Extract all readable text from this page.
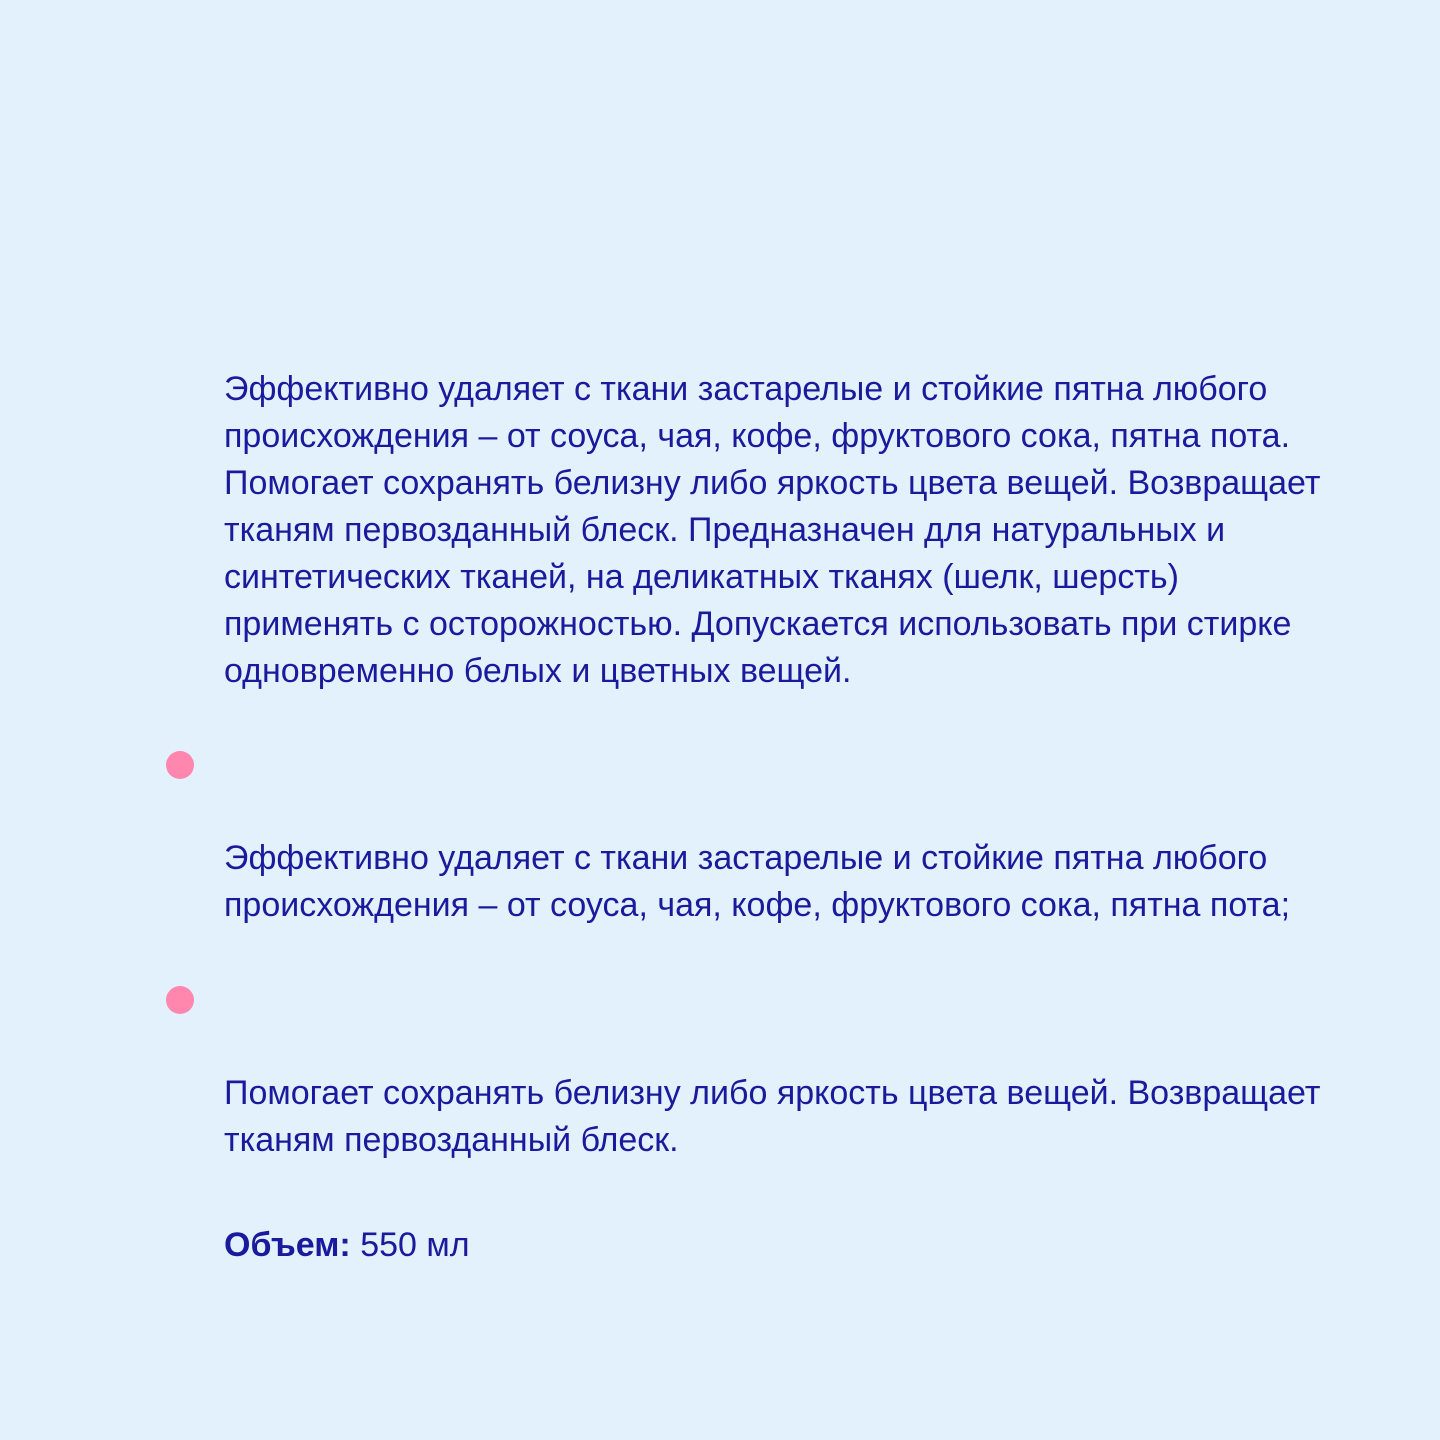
Эффективно удаляет с ткани застарелые и стойкие пятна любого
происхождения – от соуса, чая, кофе, фруктового сока, пятна пота.
Помогает сохранять белизну либо яркость цвета вещей. Возвращает
тканям первозданный блеск. Предназначен для натуральных и
синтетических тканей, на деликатных тканях (шелк, шерсть)
применять с осторожностью. Допускается использовать при стирке
одновременно белых и цветных вещей.

Эффективно удаляет с ткани застарелые и стойкие пятна любого
происхождения – от соуса, чая, кофе, фруктового сока, пятна пота;

Помогает сохранять белизну либо яркость цвета вещей. Возвращает
тканям первозданный блеск.

Объем: 550 мл
